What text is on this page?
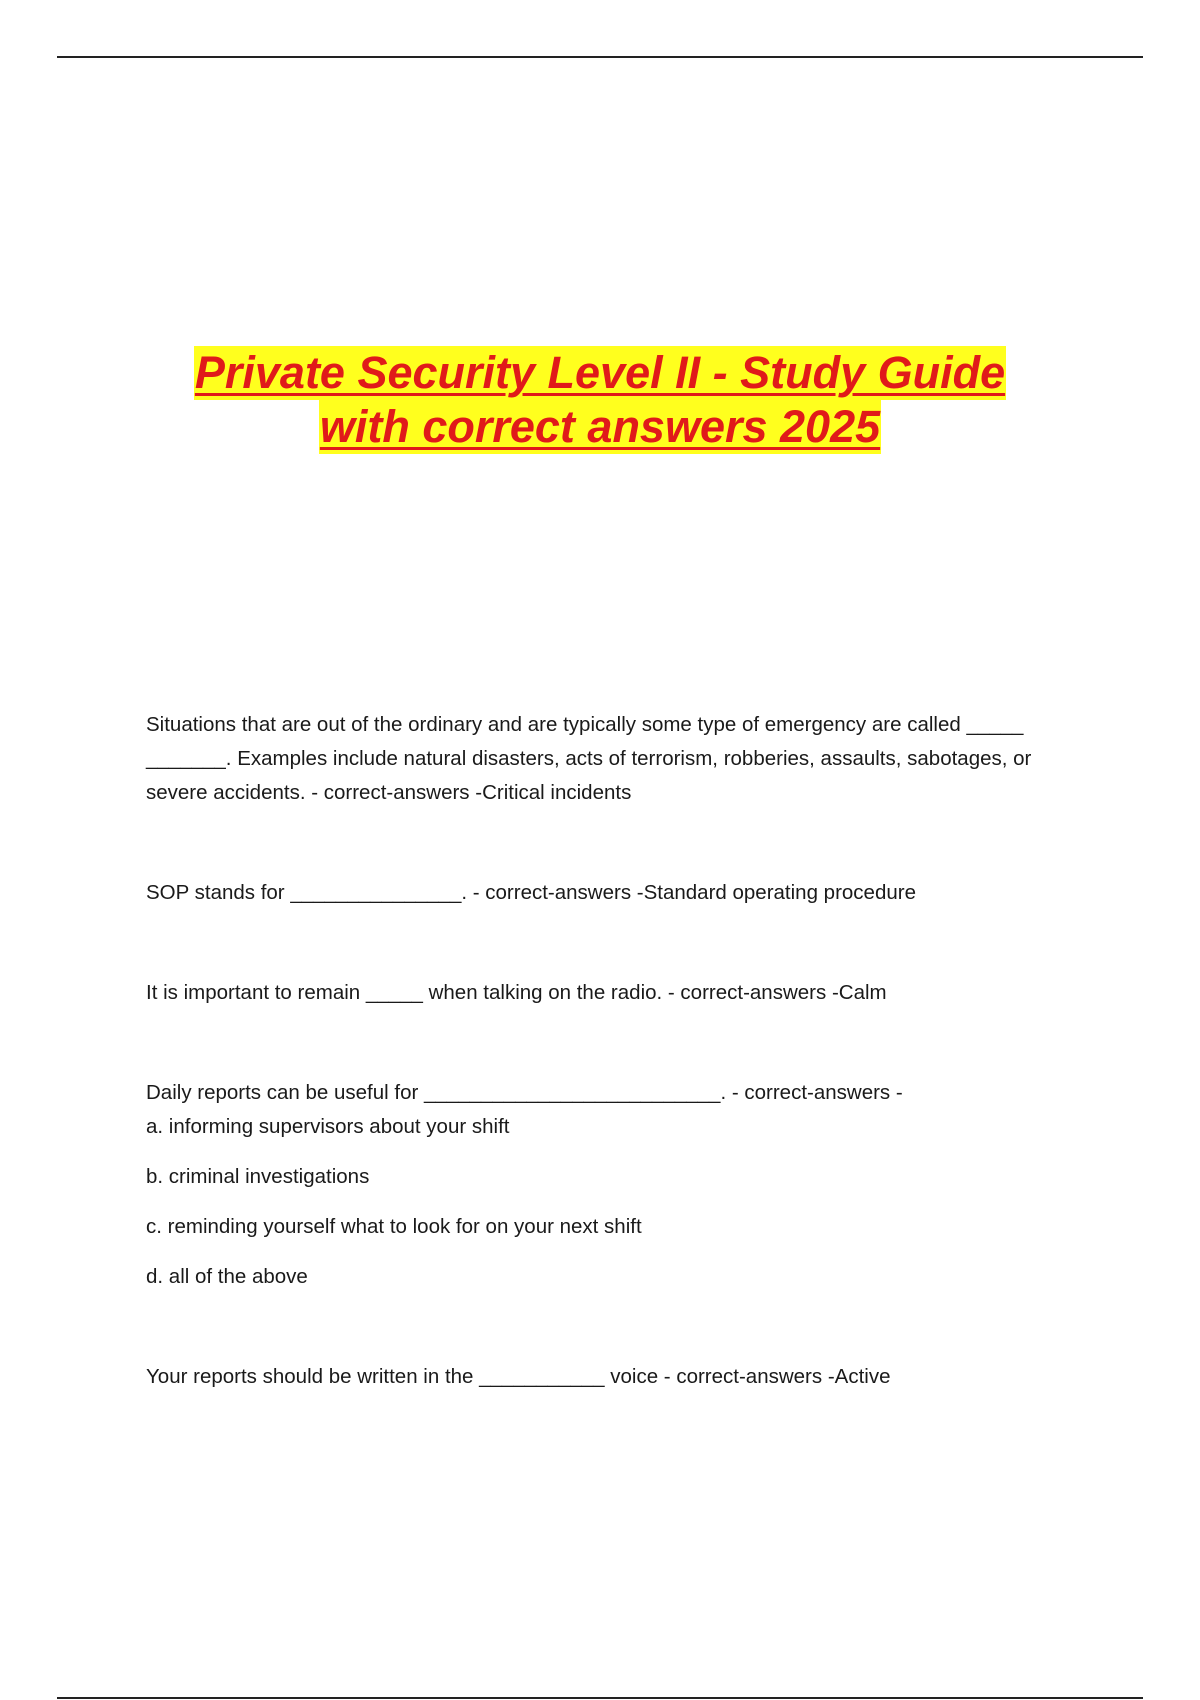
Private Security Level II - Study Guide
with correct answers 2025

Situations that are out of the ordinary and are typically some type of emergency are called _____ _______. Examples include natural disasters, acts of terrorism, robberies, assaults, sabotages, or severe accidents. - correct-answers -Critical incidents

SOP stands for _______________. - correct-answers -Standard operating procedure

It is important to remain _____ when talking on the radio. - correct-answers -Calm

Daily reports can be useful for __________________________. - correct-answers -
a. informing supervisors about your shift
b. criminal investigations
c. reminding yourself what to look for on your next shift
d. all of the above

Your reports should be written in the ___________ voice - correct-answers -Active
